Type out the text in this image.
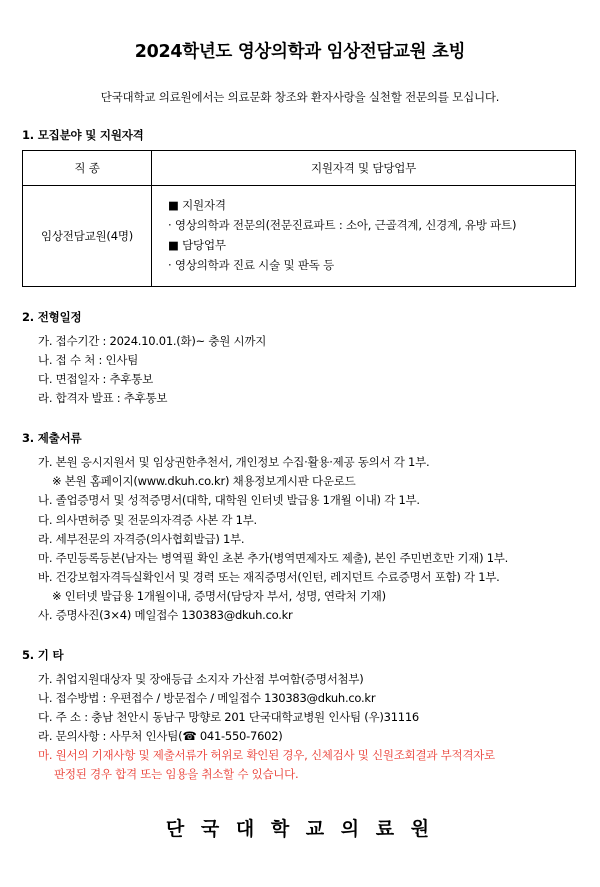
2024학년도 영상의학과 임상전담교원 초빙
단국대학교 의료원에서는 의료문화 창조와 환자사랑을 실천할 전문의를 모십니다.
1. 모집분야 및 지원자격
직 종	지원자격 및 담당업무
임상전담교원(4명)	■ 지원자격
· 영상의학과 전문의(전문진료파트 : 소아, 근골격계, 신경계, 유방 파트)
■ 담당업무
· 영상의학과 진료 시술 및 판독 등
2. 전형일정
가. 접수기간 : 2024.10.01.(화)~ 충원 시까지
나. 접 수 처 : 인사팀
다. 면접일자 : 추후통보
라. 합격자 발표 : 추후통보
3. 제출서류
가. 본원 응시지원서 및 임상권한추천서, 개인정보 수집·활용·제공 동의서 각 1부.
※ 본원 홈페이지(www.dkuh.co.kr) 채용정보게시판 다운로드
나. 졸업증명서 및 성적증명서(대학, 대학원 인터넷 발급용 1개월 이내) 각 1부.
다. 의사면허증 및 전문의자격증 사본 각 1부.
라. 세부전문의 자격증(의사협회발급) 1부.
마. 주민등록등본(남자는 병역필 확인 초본 추가(병역면제자도 제출), 본인 주민번호만 기재) 1부.
바. 건강보험자격득실확인서 및 경력 또는 재직증명서(인턴, 레지던트 수료증명서 포함) 각 1부.
※ 인터넷 발급용 1개월이내, 증명서(담당자 부서, 성명, 연락처 기재)
사. 증명사진(3×4) 메일접수 130383@dkuh.co.kr
5. 기 타
가. 취업지원대상자 및 장애등급 소지자 가산점 부여함(증명서첨부)
나. 접수방법 : 우편접수 / 방문접수 / 메일접수 130383@dkuh.co.kr
다. 주 소 : 충남 천안시 동남구 망향로 201 단국대학교병원 인사팀 (우)31116
라. 문의사항 : 사무처 인사팀(☎ 041-550-7602)
마. 원서의 기재사항 및 제출서류가 허위로 확인된 경우, 신체검사 및 신원조회결과 부적격자로
판정된 경우 합격 또는 임용을 취소할 수 있습니다.
단 국 대 학 교 의 료 원
